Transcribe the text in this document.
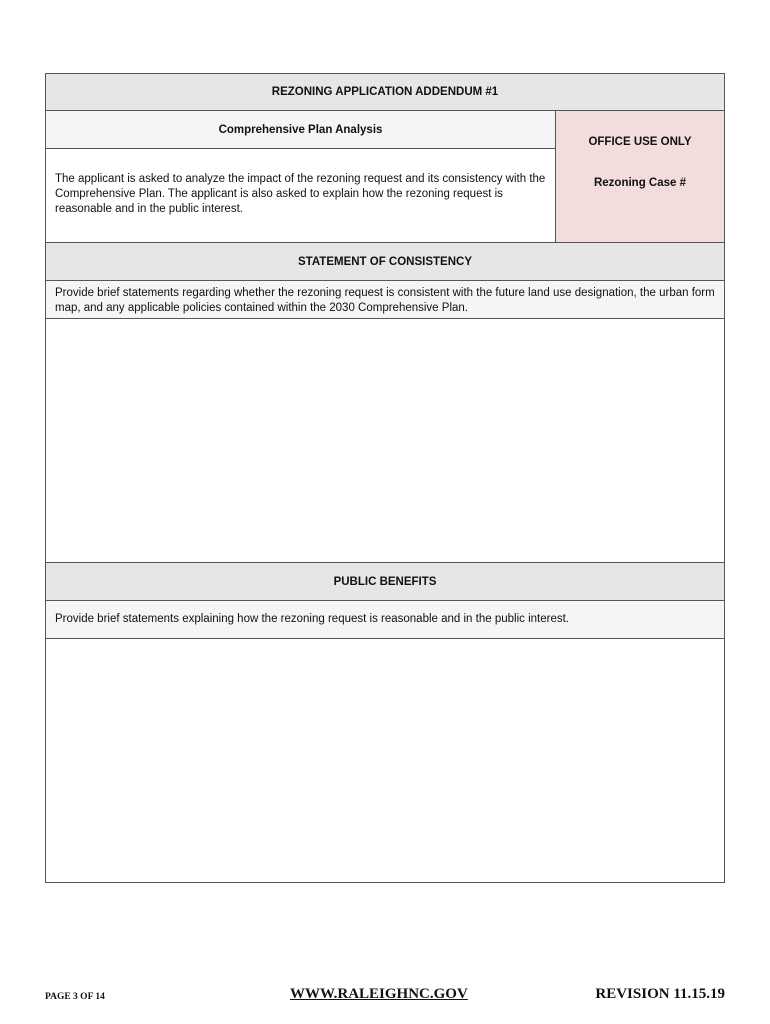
REZONING APPLICATION ADDENDUM #1
Comprehensive Plan Analysis
The applicant is asked to analyze the impact of the rezoning request and its consistency with the Comprehensive Plan. The applicant is also asked to explain how the rezoning request is reasonable and in the public interest.
OFFICE USE ONLY
Rezoning Case #
STATEMENT OF CONSISTENCY
Provide brief statements regarding whether the rezoning request is consistent with the future land use designation, the urban form map, and any applicable policies contained within the 2030 Comprehensive Plan.
PUBLIC BENEFITS
Provide brief statements explaining how the rezoning request is reasonable and in the public interest.
PAGE 3 OF 14	WWW.RALEIGHNC.GOV	REVISION 11.15.19
